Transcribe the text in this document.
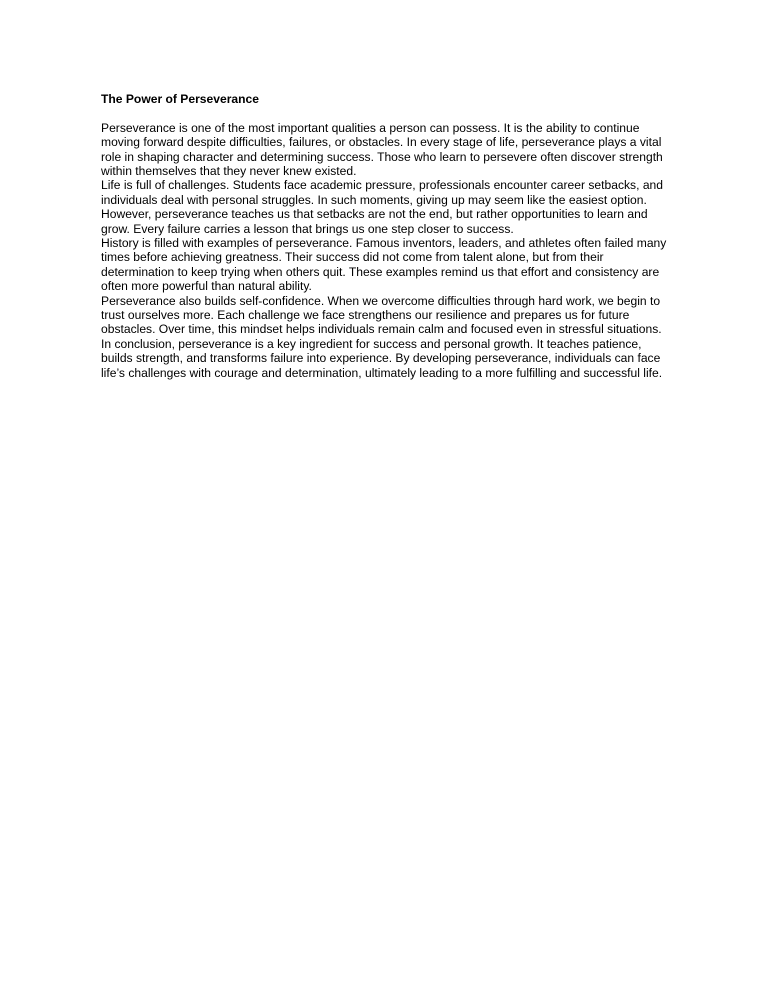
The Power of Perseverance

Perseverance is one of the most important qualities a person can possess. It is the ability to continue moving forward despite difficulties, failures, or obstacles. In every stage of life, perseverance plays a vital role in shaping character and determining success. Those who learn to persevere often discover strength within themselves that they never knew existed.

Life is full of challenges. Students face academic pressure, professionals encounter career setbacks, and individuals deal with personal struggles. In such moments, giving up may seem like the easiest option. However, perseverance teaches us that setbacks are not the end, but rather opportunities to learn and grow. Every failure carries a lesson that brings us one step closer to success.

History is filled with examples of perseverance. Famous inventors, leaders, and athletes often failed many times before achieving greatness. Their success did not come from talent alone, but from their determination to keep trying when others quit. These examples remind us that effort and consistency are often more powerful than natural ability.

Perseverance also builds self-confidence. When we overcome difficulties through hard work, we begin to trust ourselves more. Each challenge we face strengthens our resilience and prepares us for future obstacles. Over time, this mindset helps individuals remain calm and focused even in stressful situations.

In conclusion, perseverance is a key ingredient for success and personal growth. It teaches patience, builds strength, and transforms failure into experience. By developing perseverance, individuals can face life’s challenges with courage and determination, ultimately leading to a more fulfilling and successful life.
